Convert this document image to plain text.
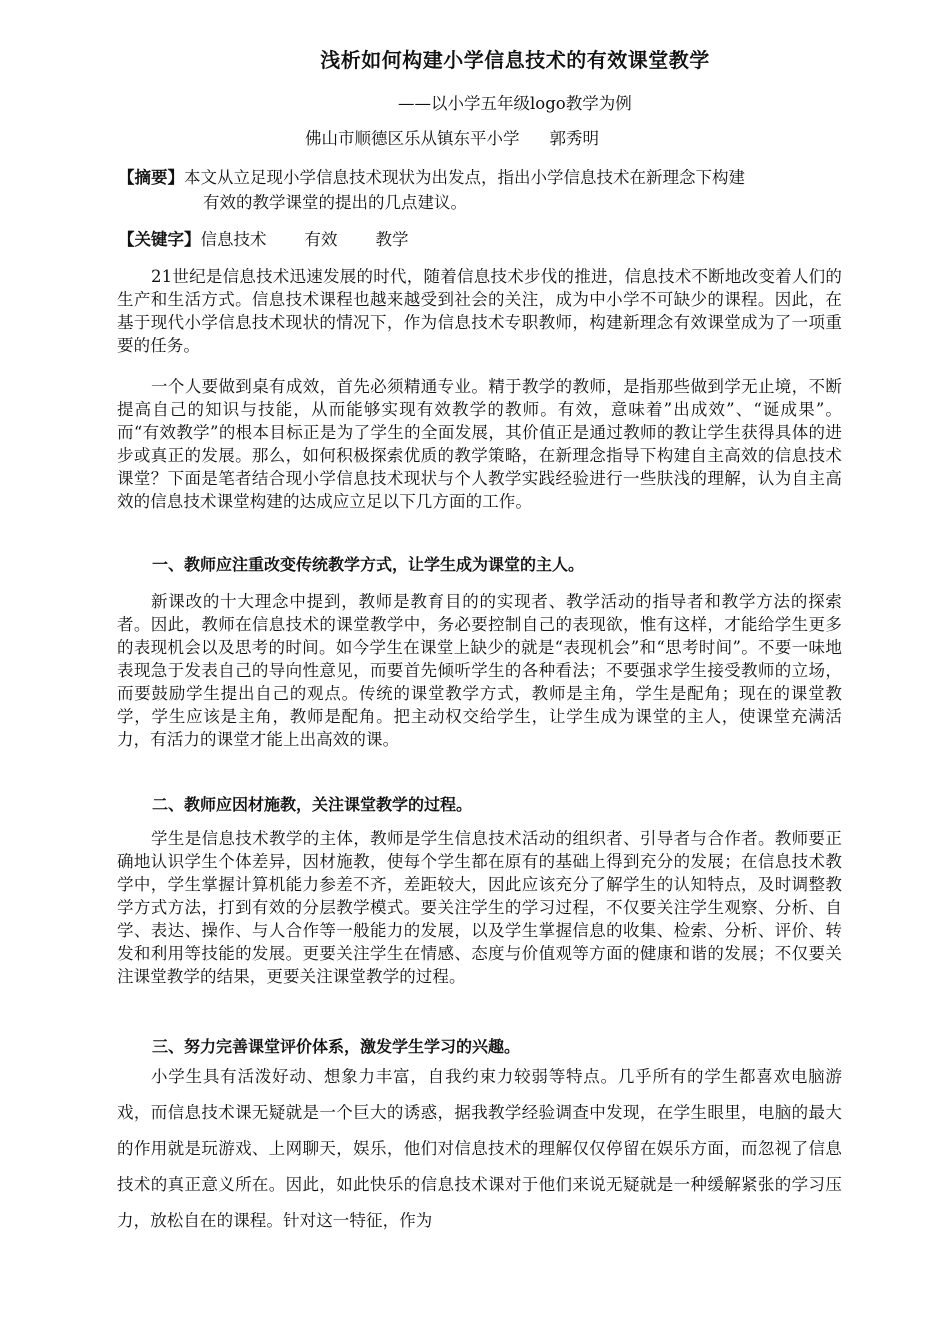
浅析如何构建小学信息技术的有效课堂教学
——以小学五年级logo教学为例
佛山市顺德区乐从镇东平小学 郭秀明
【摘要】本文从立足现小学信息技术现状为出发点，指出小学信息技术在新理念下构建
有效的教学课堂的提出的几点建议。
【关键字】信息技术 有效 教学

21世纪是信息技术迅速发展的时代，随着信息技术步伐的推进，信息技术不断地改变着人们的生产和生活方式。信息技术课程也越来越受到社会的关注，成为中小学不可缺少的课程。因此，在基于现代小学信息技术现状的情况下，作为信息技术专职教师，构建新理念有效课堂成为了一项重要的任务。

一个人要做到桌有成效，首先必须精通专业。精于教学的教师，是指那些做到学无止境，不断提高自己的知识与技能，从而能够实现有效教学的教师。有效，意味着”出成效”、“诞成果”。 而“有效教学”的根本目标正是为了学生的全面发展，其价值正是通过教师的教让学生获得具体的进步或真正的发展。那么，如何积极探索优质的教学策略，在新理念指导下构建自主高效的信息技术课堂？下面是笔者结合现小学信息技术现状与个人教学实践经验进行一些肤浅的理解，认为自主高效的信息技术课堂构建的达成应立足以下几方面的工作。

一、教师应注重改变传统教学方式，让学生成为课堂的主人。

新课改的十大理念中提到，教师是教育目的的实现者、教学活动的指导者和教学方法的探索者。因此，教师在信息技术的课堂教学中，务必要控制自己的表现欲，惟有这样，才能给学生更多的表现机会以及思考的时间。如今学生在课堂上缺少的就是“表现机会”和“思考时间”。不要一味地表现急于发表自己的导向性意见，而要首先倾听学生的各种看法；不要强求学生接受教师的立场，而要鼓励学生提出自己的观点。传统的课堂教学方式，教师是主角，学生是配角；现在的课堂教学，学生应该是主角，教师是配角。把主动权交给学生，让学生成为课堂的主人，使课堂充满活力，有活力的课堂才能上出高效的课。

二、教师应因材施教，关注课堂教学的过程。

学生是信息技术教学的主体，教师是学生信息技术活动的组织者、引导者与合作者。教师要正确地认识学生个体差异，因材施教，使每个学生都在原有的基础上得到充分的发展；在信息技术教学中，学生掌握计算机能力参差不齐，差距较大，因此应该充分了解学生的认知特点，及时调整教学方式方法，打到有效的分层教学模式。要关注学生的学习过程，不仅要关注学生观察、分析、自学、表达、操作、与人合作等一般能力的发展，以及学生掌握信息的收集、检索、分析、评价、转发和利用等技能的发展。更要关注学生在情感、态度与价值观等方面的健康和谐的发展；不仅要关注课堂教学的结果，更要关注课堂教学的过程。

三、努力完善课堂评价体系，激发学生学习的兴趣。

小学生具有活泼好动、想象力丰富，自我约束力较弱等特点。几乎所有的学生都喜欢电脑游戏，而信息技术课无疑就是一个巨大的诱惑，据我教学经验调查中发现，在学生眼里，电脑的最大的作用就是玩游戏、上网聊天，娱乐，他们对信息技术的理解仅仅停留在娱乐方面，而忽视了信息技术的真正意义所在。因此，如此快乐的信息技术课对于他们来说无疑就是一种缓解紧张的学习压力，放松自在的课程。针对这一特征，作为
